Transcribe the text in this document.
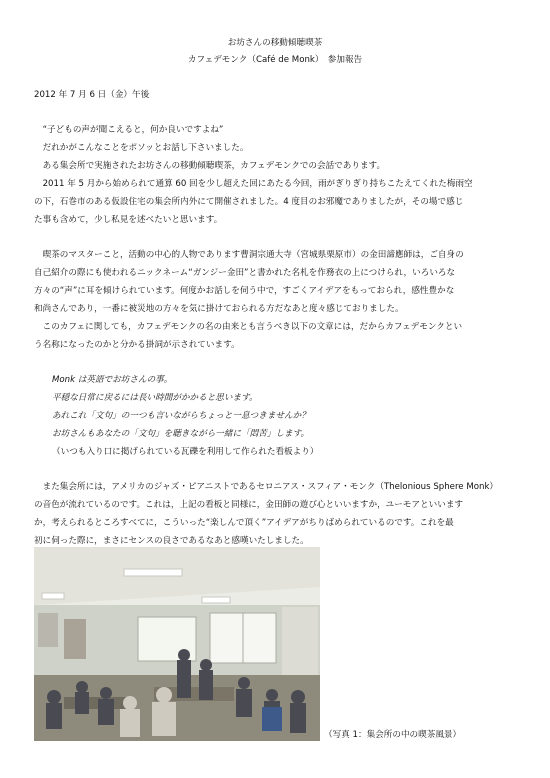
お坊さんの移動傾聴喫茶
カフェデモンク（Café de Monk）　参加報告
2012 年 7 月 6 日（金）午後
　“子どもの声が聞こえると，何か良いですよね”
　だれかがこんなことをポソッとお話し下さいました。
　ある集会所で実施されたお坊さんの移動傾聴喫茶，カフェデモンクでの会話であります。
　2011 年 5 月から始められて通算 60 回を少し超えた回にあたる今回，雨がぎりぎり持ちこたえてくれた梅雨空
の下，石巻市のある仮設住宅の集会所内外にて開催されました。4 度目のお邪魔でありましたが，その場で感じ
た事も含めて，少し私見を述べたいと思います。
　喫茶のマスターこと，活動の中心的人物であります曹洞宗通大寺（宮城県栗原市）の金田諦應師は，ご自身の
自己紹介の際にも使われるニックネーム“ガンジー金田”と書かれた名札を作務衣の上につけられ，いろいろな
方々の“声”に耳を傾けられています。何度かお話しを伺う中で，すごくアイデアをもっておられ，感性豊かな
和尚さんであり，一番に被災地の方々を気に掛けておられる方だなあと度々感じておりました。
　このカフェに関しても，カフェデモンクの名の由来とも言うべき以下の文章には，だからカフェデモンクとい
う名称になったのかと分かる掛詞が示されています。
Monk は英語でお坊さんの事。
平穏な日常に戻るには長い時間がかかると思います。
あれこれ「文句」の一つも言いながらちょっと一息つきませんか？
お坊さんもあなたの「文句」を聴きながら一緒に「悶苦」します。
（いつも入り口に掲げられている瓦礫を利用して作られた看板より）
　また集会所には，アメリカのジャズ・ピアニストであるセロニアス・スフィア・モンク（Thelonious Sphere Monk）
の音色が流れているのです。これは，上記の看板と同様に，金田師の遊び心といいますか，ユーモアといいます
か，考えられるところすべてに，こういった“楽しんで頂く”アイデアがちりばめられているのです。これを最
初に伺った際に，まさにセンスの良さであるなあと感嘆いたしました。
（写真 1：集会所の中の喫茶風景）
